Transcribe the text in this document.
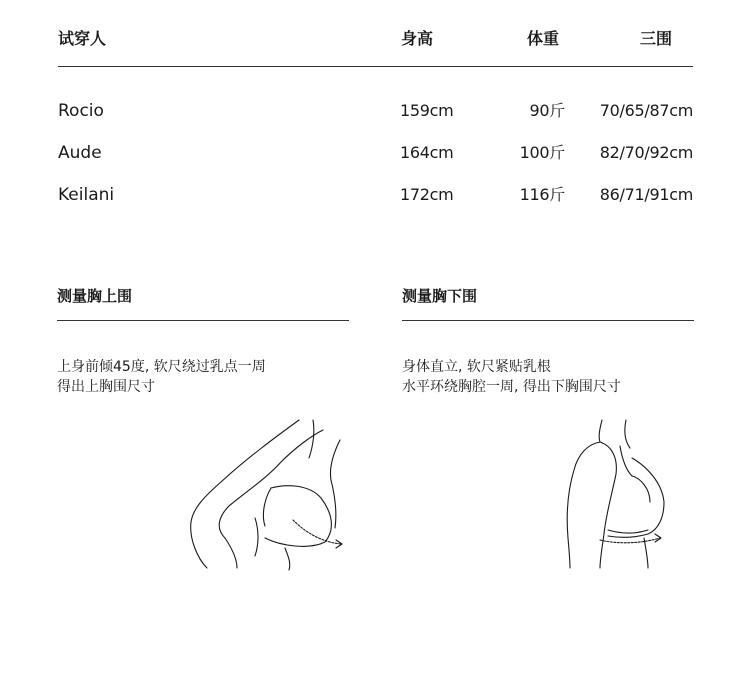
试穿人	身高	体重	三围
Rocio	159cm	90斤 70/65/87cm
Aude	164cm	100斤 82/70/92cm
Keilani	172cm	116斤 86/71/91cm
测量胸上围
上身前倾45度, 软尺绕过乳点一周
得出上胸围尺寸
测量胸下围
身体直立, 软尺紧贴乳根
水平环绕胸腔一周, 得出下胸围尺寸
